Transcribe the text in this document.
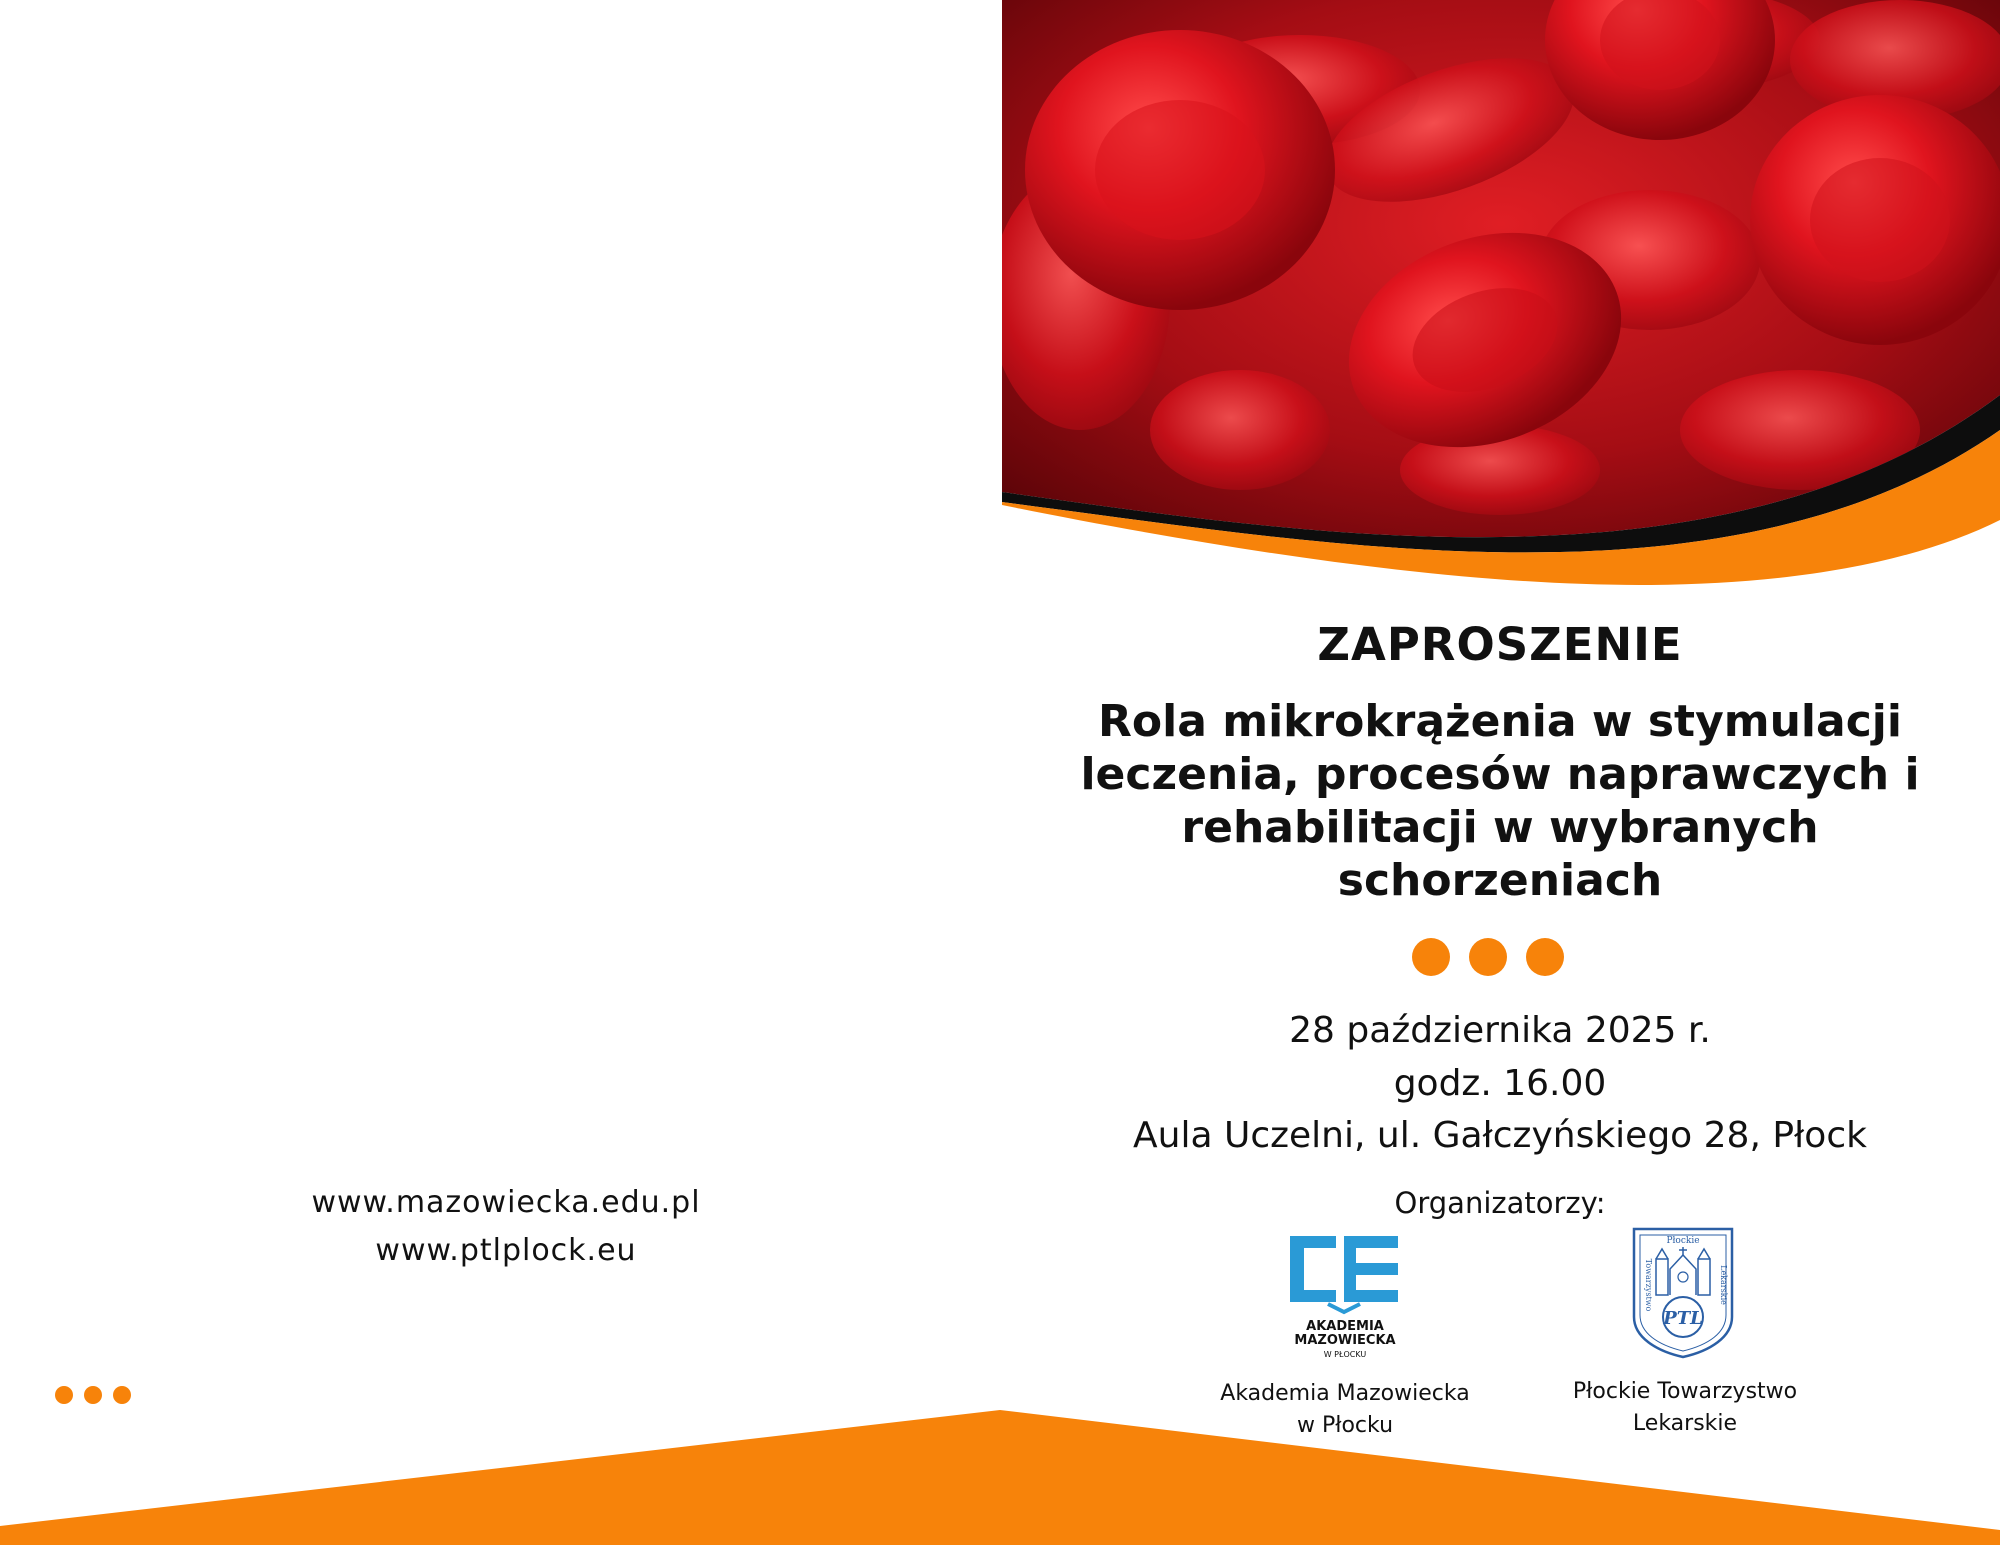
ZAPROSZENIE
Rola mikrokrążenia w stymulacji leczenia, procesów naprawczych i rehabilitacji w wybranych schorzeniach
28 października 2025 r.
godz. 16.00
Aula Uczelni, ul. Gałczyńskiego 28, Płock
Organizatorzy:
AKADEMIA
MAZOWIECKA
W PŁOCKU
Płockie
Towarzystwo	Lekarskie
PTL
Akademia Mazowiecka
w Płocku
Płockie Towarzystwo
Lekarskie
www.mazowiecka.edu.pl
www.ptlplock.eu
